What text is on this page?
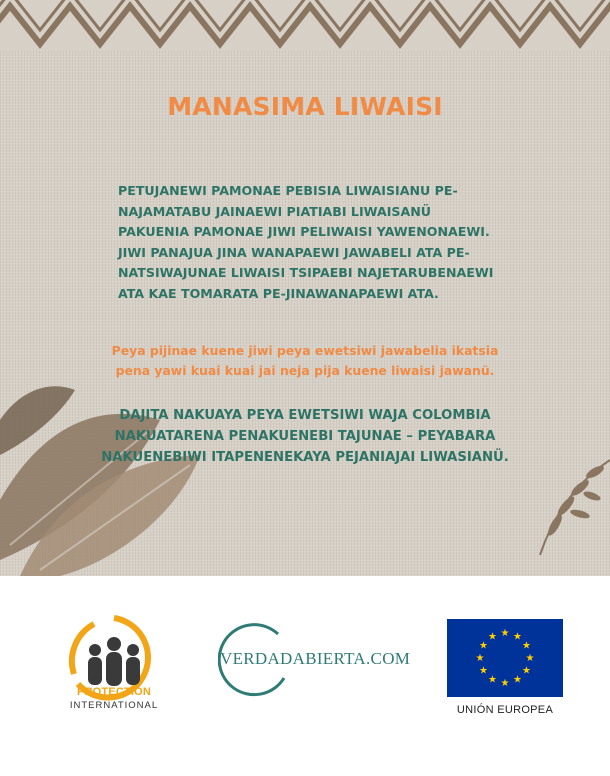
MANASIMA LIWAISI
PETUJANEWI PAMONAE PEBISIA LIWAISIANU PE-NAJAMATABU JAINAEWI PIATIABI LIWAISANÜ PAKUENIA PAMONAE JIWI PELIWAISI YAWENONAEWI. JIWI PANAJUA JINA WANAPAEWI JAWABELI ATA PE-NATSIWAJUNAE LIWAISI TSIPAEBI NAJETARUBENAEWI ATA KAE TOMARATA PE-JINAWANAPAEWI ATA.
Peya pijinae kuene jiwi peya ewetsiwi jawabelia ikatsia pena yawi kuai kuai jai neja pija kuene liwaisi jawanü.
DAJITA NAKUAYA PEYA EWETSIWI WAJA COLOMBIA NAKUATARENA PENAKUENEBI TAJUNAE – PEYABARA NAKUENEBIWI ITAPENENEKAYA PEJANIAJAI LIWASIANÜ.
PROTECTION
INTERNATIONAL
VERDADABIERTA.COM
★ ★
★
★
★
★
★
★
★
★
★
★
UNIÓN EUROPEA
